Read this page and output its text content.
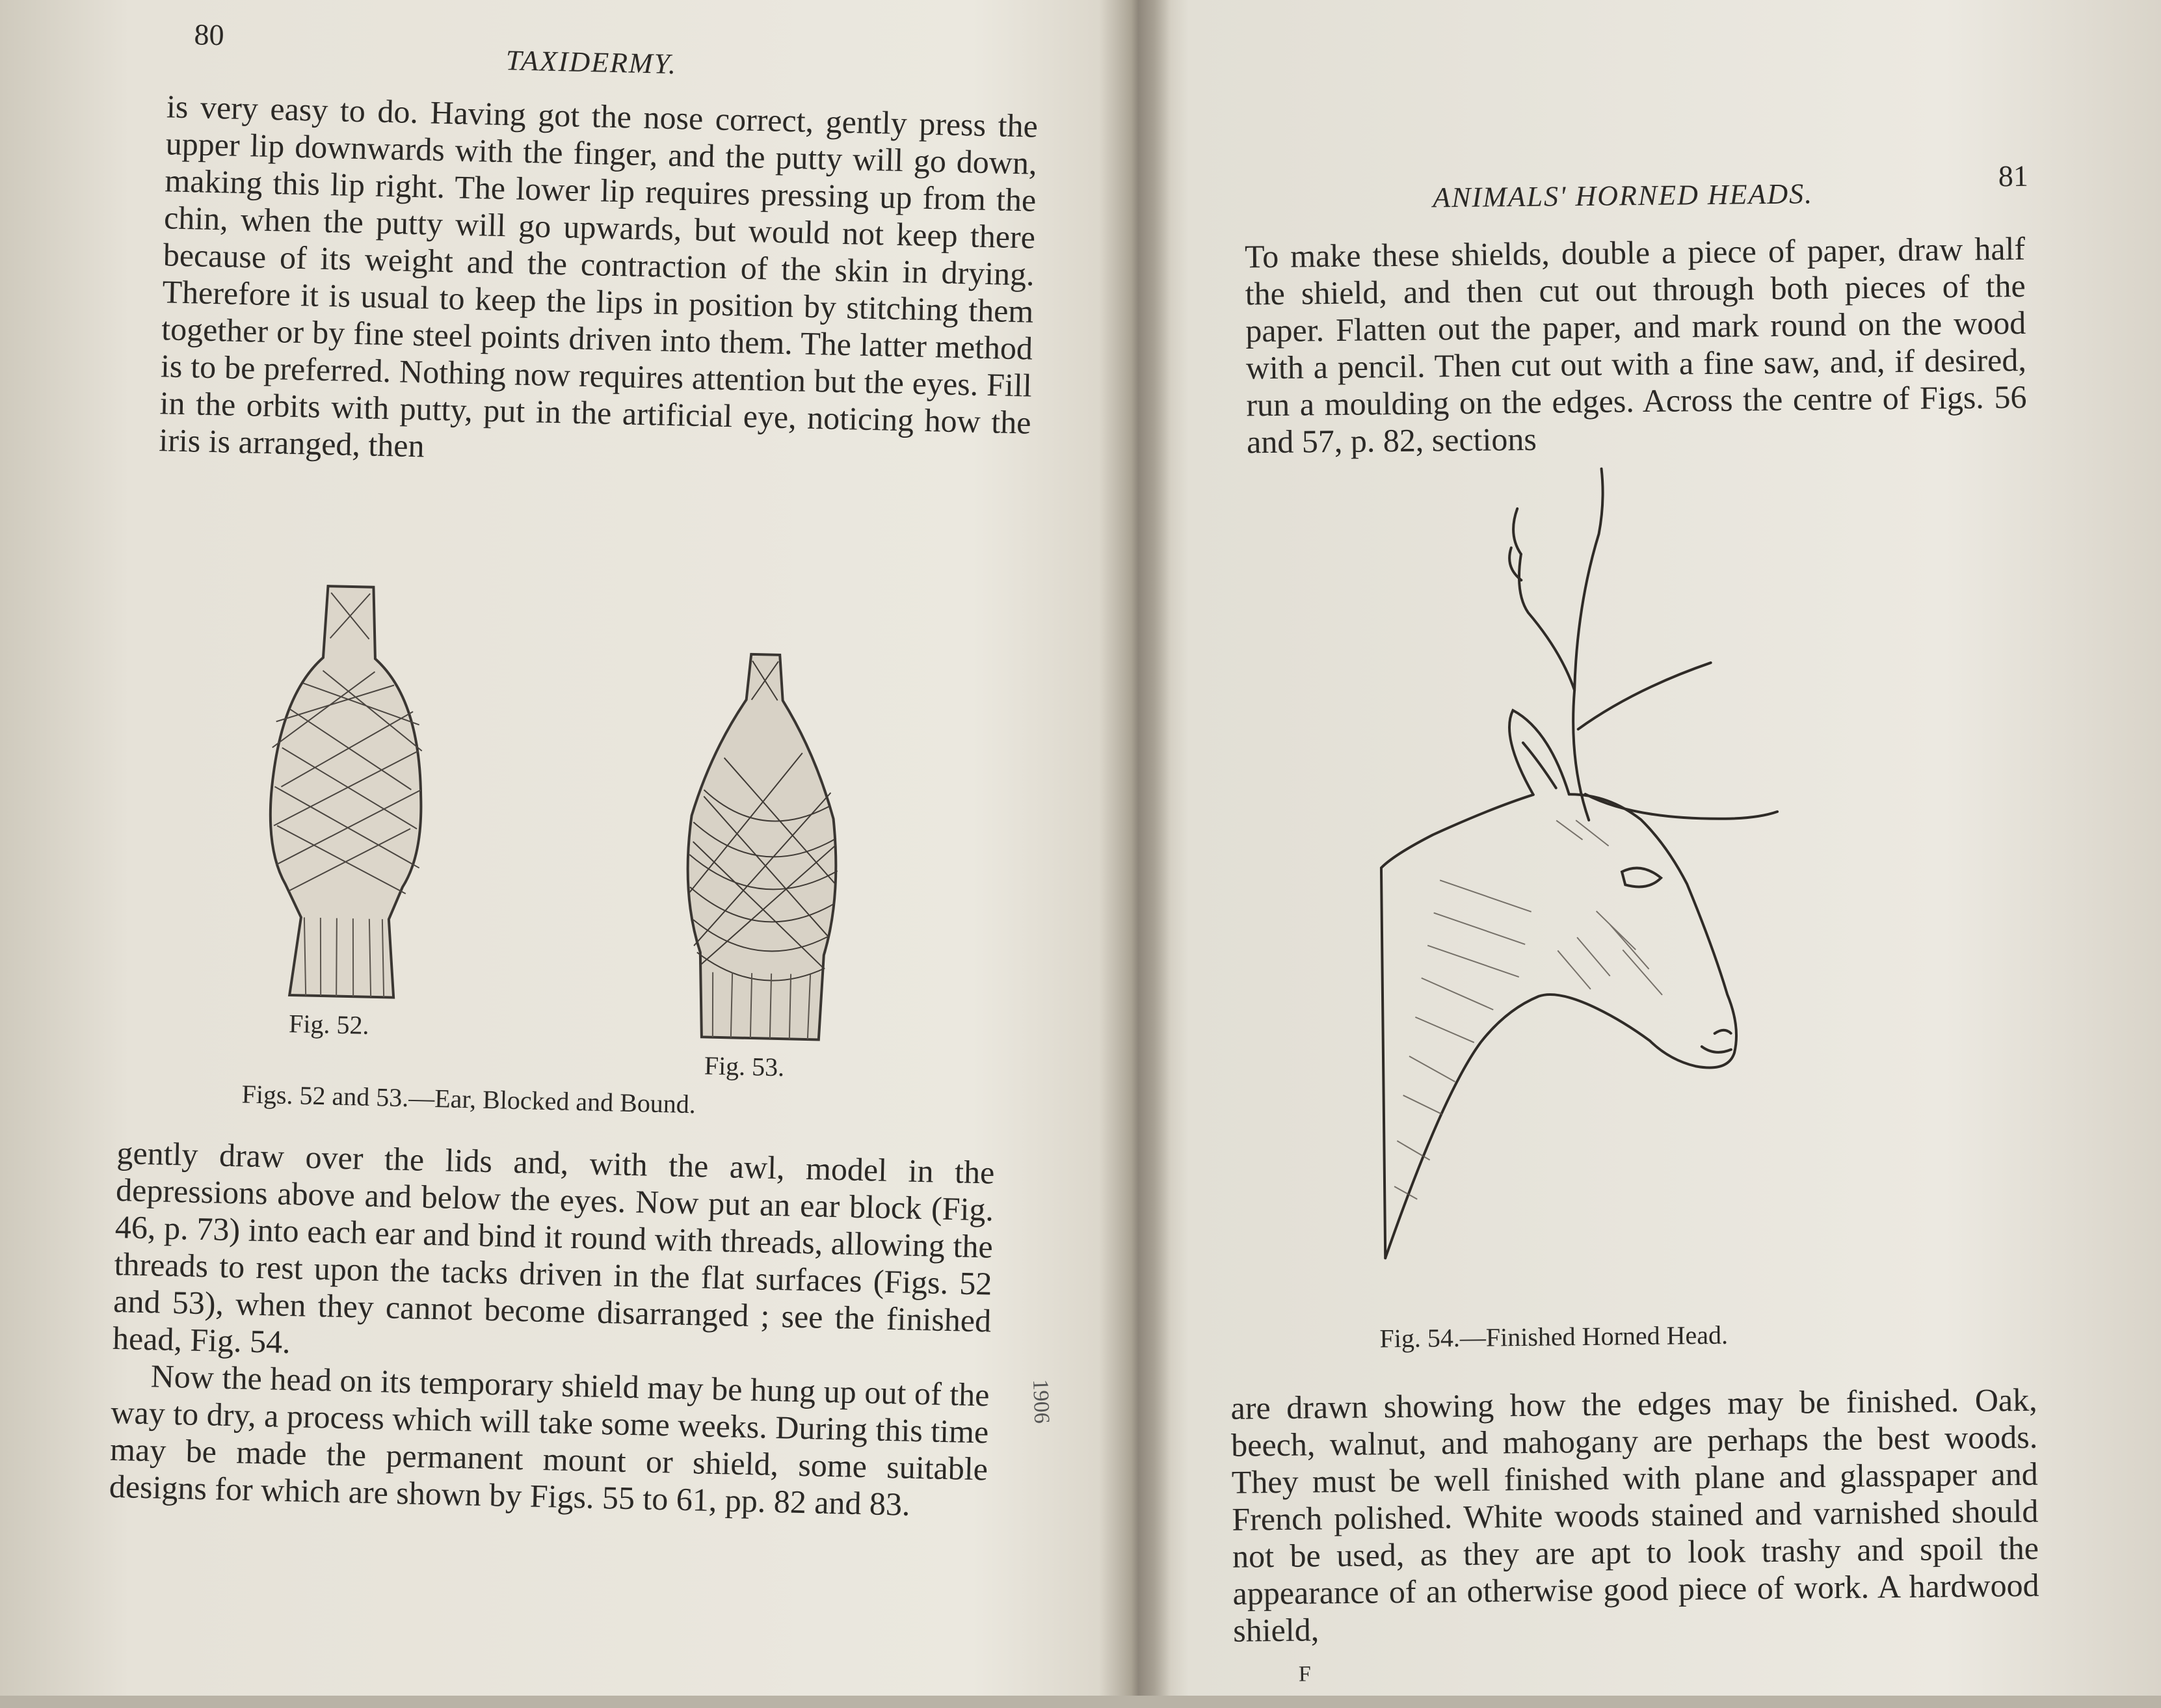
80
TAXIDERMY.

is very easy to do. Having got the nose correct, gently press the upper lip downwards with the finger, and the putty will go down, making this lip right. The lower lip requires pressing up from the chin, when the putty will go upwards, but would not keep there because of its weight and the contraction of the skin in drying. Therefore it is usual to keep the lips in position by stitching them together or by fine steel points driven into them. The latter method is to be preferred. Nothing now requires attention but the eyes. Fill in the orbits with putty, put in the artificial eye, noticing how the iris is arranged, then

Fig. 52.
Fig. 53.
Figs. 52 and 53.—Ear, Blocked and Bound.

gently draw over the lids and, with the awl, model in the depressions above and below the eyes. Now put an ear block (Fig. 46, p. 73) into each ear and bind it round with threads, allowing the threads to rest upon the tacks driven in the flat surfaces (Figs. 52 and 53), when they cannot become disarranged ; see the finished head, Fig. 54.

Now the head on its temporary shield may be hung up out of the way to dry, a process which will take some weeks. During this time may be made the permanent mount or shield, some suitable designs for which are shown by Figs. 55 to 61, pp. 82 and 83.

1906
ANIMALS' HORNED HEADS.
81

To make these shields, double a piece of paper, draw half the shield, and then cut out through both pieces of the paper. Flatten out the paper, and mark round on the wood with a pencil. Then cut out with a fine saw, and, if desired, run a moulding on the edges. Across the centre of Figs. 56 and 57, p. 82, sections

Fig. 54.—Finished Horned Head.

are drawn showing how the edges may be finished. Oak, beech, walnut, and mahogany are perhaps the best woods. They must be well finished with plane and glasspaper and French polished. White woods stained and varnished should not be used, as they are apt to look trashy and spoil the appearance of an otherwise good piece of work. A hardwood shield,

F
